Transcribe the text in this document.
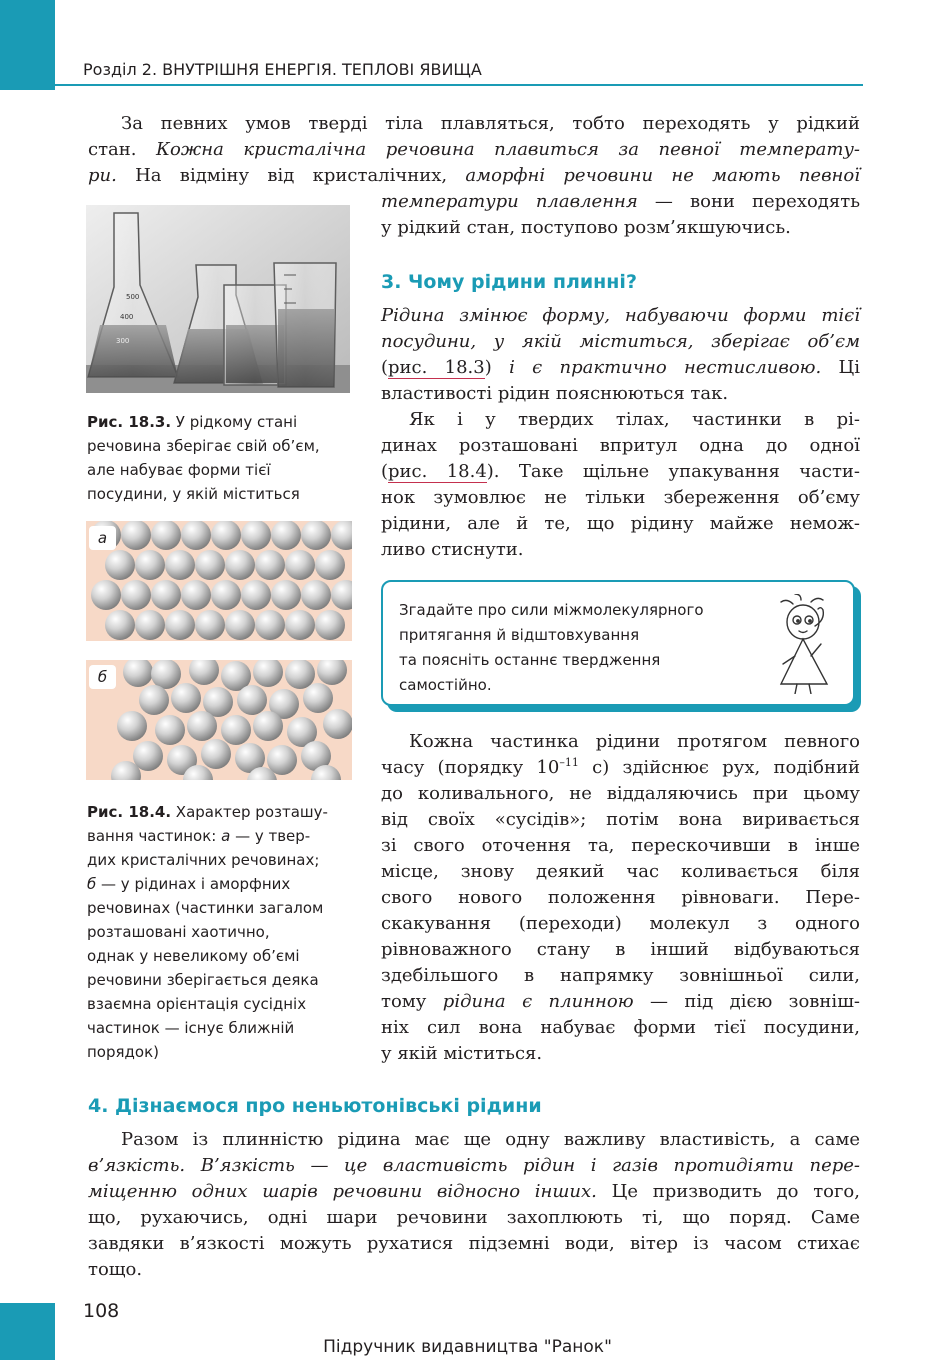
Розділ 2. ВНУТРІШНЯ ЕНЕРГІЯ. ТЕПЛОВІ ЯВИЩА
За певних умов тверді тіла плавляться, тобто переходять у рідкий
стан. Кожна кристалічна речовина плавиться за певної температу-
ри. На відміну від кристалічних, аморфні речовини не мають певної
температури плавлення — вони переходять
у рідкий стан, поступово розм’якшуючись.
500
400
300
Рис. 18.3. У рідкому стані
речовина зберігає свій об’єм,
але набуває форми тієї
посудини, у якій міститься
а
б
Рис. 18.4. Характер розташу-
вання частинок: а — у твер-
дих кристалічних речовинах;
б — у рідинах і аморфних
речовинах (частинки загалом
розташовані хаотично,
однак у невеликому об’ємі
речовини зберігається деяка
взаємна орієнтація сусідніх
частинок — існує ближній
порядок)
3. Чому рідини плинні?
Рідина змінює форму, набуваючи форми тієї
посудини, у якій міститься, зберігає об’єм
(рис. 18.3) і є практично нестисливою. Ці
властивості рідин пояснюються так.
Як і у твердих тілах, частинки в рі-
динах розташовані впритул одна до одної
(рис. 18.4). Таке щільне упакування части-
нок зумовлює не тільки збереження об’єму
рідини, але й те, що рідину майже немож-
ливо стиснути.
Згадайте про сили міжмолекулярного
притягання й відштовхування
та поясніть останнє твердження
самостійно.
Кожна частинка рідини протягом певного
часу (порядку $10^{-11}$ с) здійснює рух, подібний
до коливального, не віддаляючись при цьому
від своїх «сусідів»; потім вона виривається
зі свого оточення та, перескочивши в інше
місце, знову деякий час коливається біля
свого нового положення рівноваги. Пере-
скакування (переходи) молекул з одного
рівноважного стану в інший відбуваються
здебільшого в напрямку зовнішньої сили,
тому рідина є плинною — під дією зовніш-
ніх сил вона набуває форми тієї посудини,
у якій міститься.
4. Дізнаємося про неньютонівські рідини
Разом із плинністю рідина має ще одну важливу властивість, а саме
в’язкість. В’язкість — це властивість рідин і газів протидіяти пере-
міщенню одних шарів речовини відносно інших. Це призводить до того,
що, рухаючись, одні шари речовини захоплюють ті, що поряд. Саме
завдяки в’язкості можуть рухатися підземні води, вітер із часом стихає
тощо.
108
Підручник видавництва "Ранок"
